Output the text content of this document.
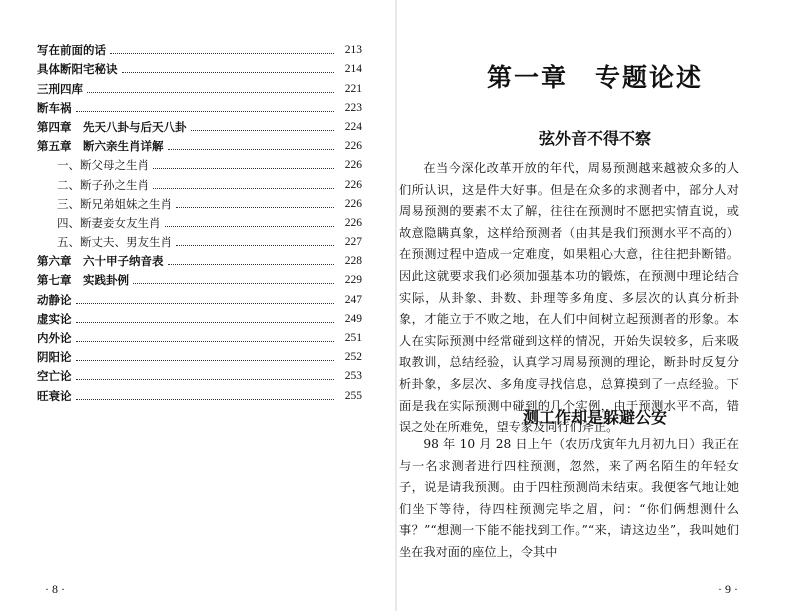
写在前面的话	213
具体断阳宅秘诀	214
三刑四库	221
断车祸	223
第四章　先天八卦与后天八卦	224
第五章　断六亲生肖详解	226
一、断父母之生肖	226
二、断子孙之生肖	226
三、断兄弟姐妹之生肖	226
四、断妻妾女友生肖	226
五、断丈夫、男友生肖	227
第六章　六十甲子纳音表	228
第七章　实践卦例	229
动静论	247
虚实论	249
内外论	251
阴阳论	252
空亡论	253
旺衰论	255
· 8 ·
第一章　专题论述
弦外音不得不察

在当今深化改革开放的年代，周易预测越来越被众多的人们所认识，这是件大好事。但是在众多的求测者中，部分人对周易预测的要素不太了解，往往在预测时不愿把实情直说，或故意隐瞒真象，这样给预测者（由其是我们预测水平不高的）在预测过程中造成一定难度，如果粗心大意，往往把卦断错。因此这就要求我们必须加强基本功的锻炼，在预测中理论结合实际，从卦象、卦数、卦理等多角度、多层次的认真分析卦象，才能立于不败之地，在人们中间树立起预测者的形象。本人在实际预测中经常碰到这样的情况，开始失误较多，后来吸取教训，总结经验，认真学习周易预测的理论，断卦时反复分析卦象，多层次、多角度寻找信息，总算摸到了一点经验。下面是我在实际预测中碰到的几个实例，由于预测水平不高，错误之处在所难免，望专家及同行们斧正。

测工作却是躲避公安

98 年 10 月 28 日上午（农历戊寅年九月初九日）我正在与一名求测者进行四柱预测，忽然，来了两名陌生的年轻女子，说是请我预测。由于四柱预测尚未结束。我便客气地让她们坐下等待，待四柱预测完毕之眉，问：“你们俩想测什么事？”“想测一下能不能找到工作。”“来，请这边坐”，我叫她们坐在我对面的座位上，令其中

· 9 ·
